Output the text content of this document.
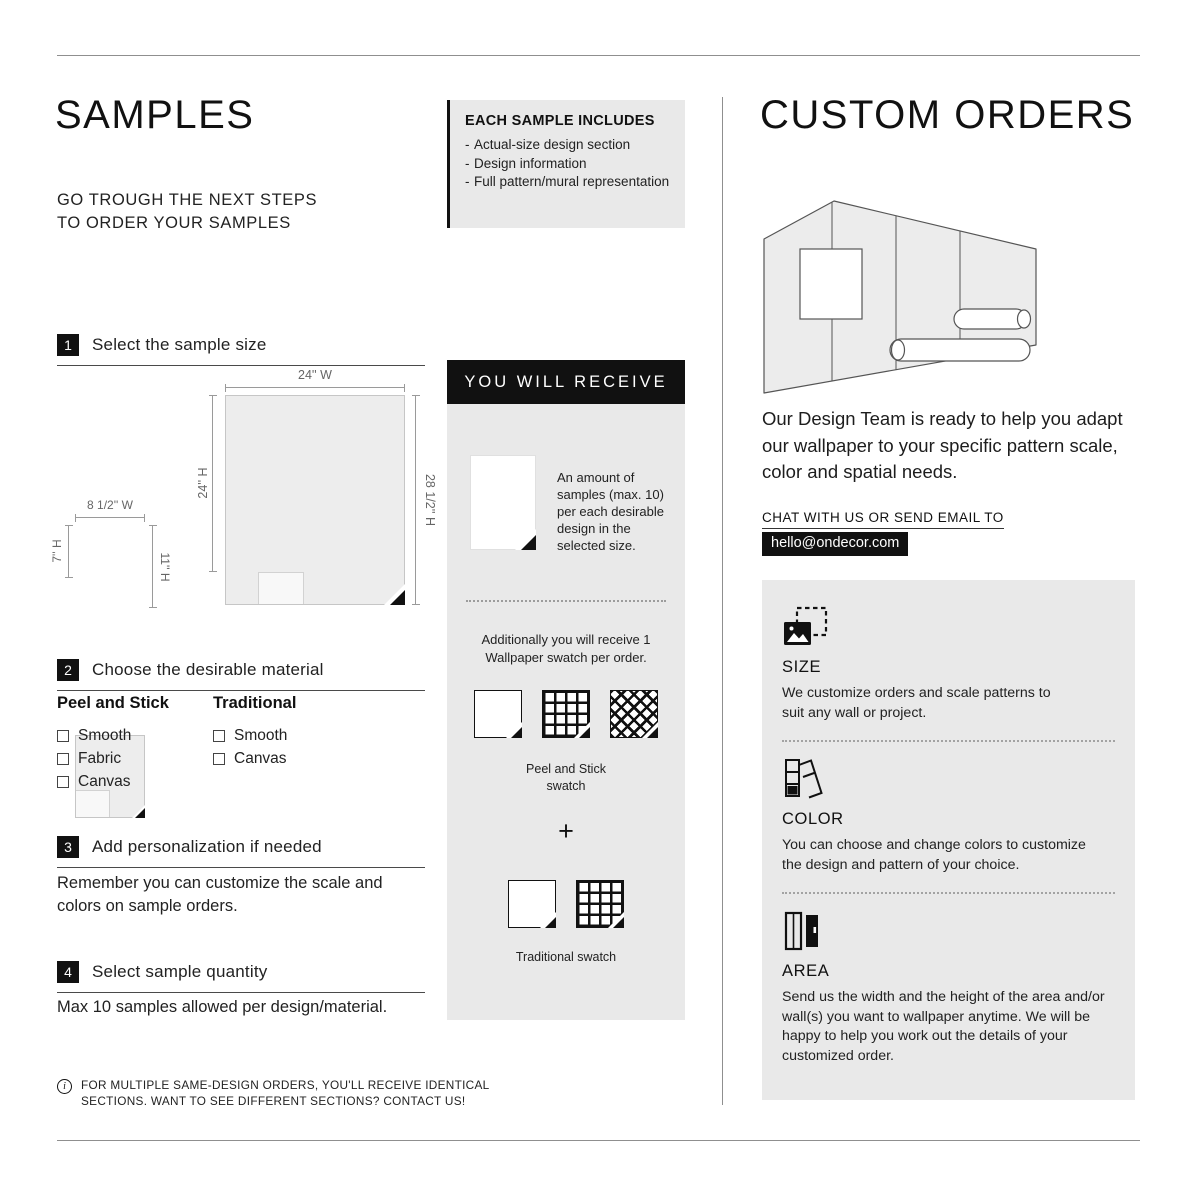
SAMPLES

GO TROUGH THE NEXT STEPS TO ORDER YOUR SAMPLES

1	Select the sample size
24'' W
24'' H	28 1/2'' H
8 1/2'' W
7'' H
11'' H
2	Choose the desirable material
Peel and Stick
Smooth
Fabric
Canvas
Traditional
Smooth
Canvas
3	Add personalization if needed

Remember you can customize the scale and colors on sample orders.

4	Select sample quantity

Max 10 samples allowed per design/material.

i
FOR MULTIPLE SAME-DESIGN ORDERS, YOU'LL RECEIVE IDENTICAL SECTIONS. WANT TO SEE DIFFERENT SECTIONS? CONTACT US!
EACH SAMPLE INCLUDES
- Actual-size design section
- Design information
- Full pattern/mural representation
YOU WILL RECEIVE
An amount of samples (max. 10) per each desirable design in the selected size.
Additionally you will receive 1 Wallpaper swatch per order.
Peel and Stick swatch
+
Traditional swatch
CUSTOM ORDERS

Our Design Team is ready to help you adapt our wallpaper to your specific pattern scale, color and spatial needs.

CHAT WITH US OR SEND EMAIL TO
hello@ondecor.com
SIZE
We customize orders and scale patterns to suit any wall or project.
COLOR
You can choose and change colors to customize the design and pattern of your choice.
AREA
Send us the width and the height of the area and/or wall(s) you want to wallpaper anytime. We will be happy to help you work out the details of your customized order.
